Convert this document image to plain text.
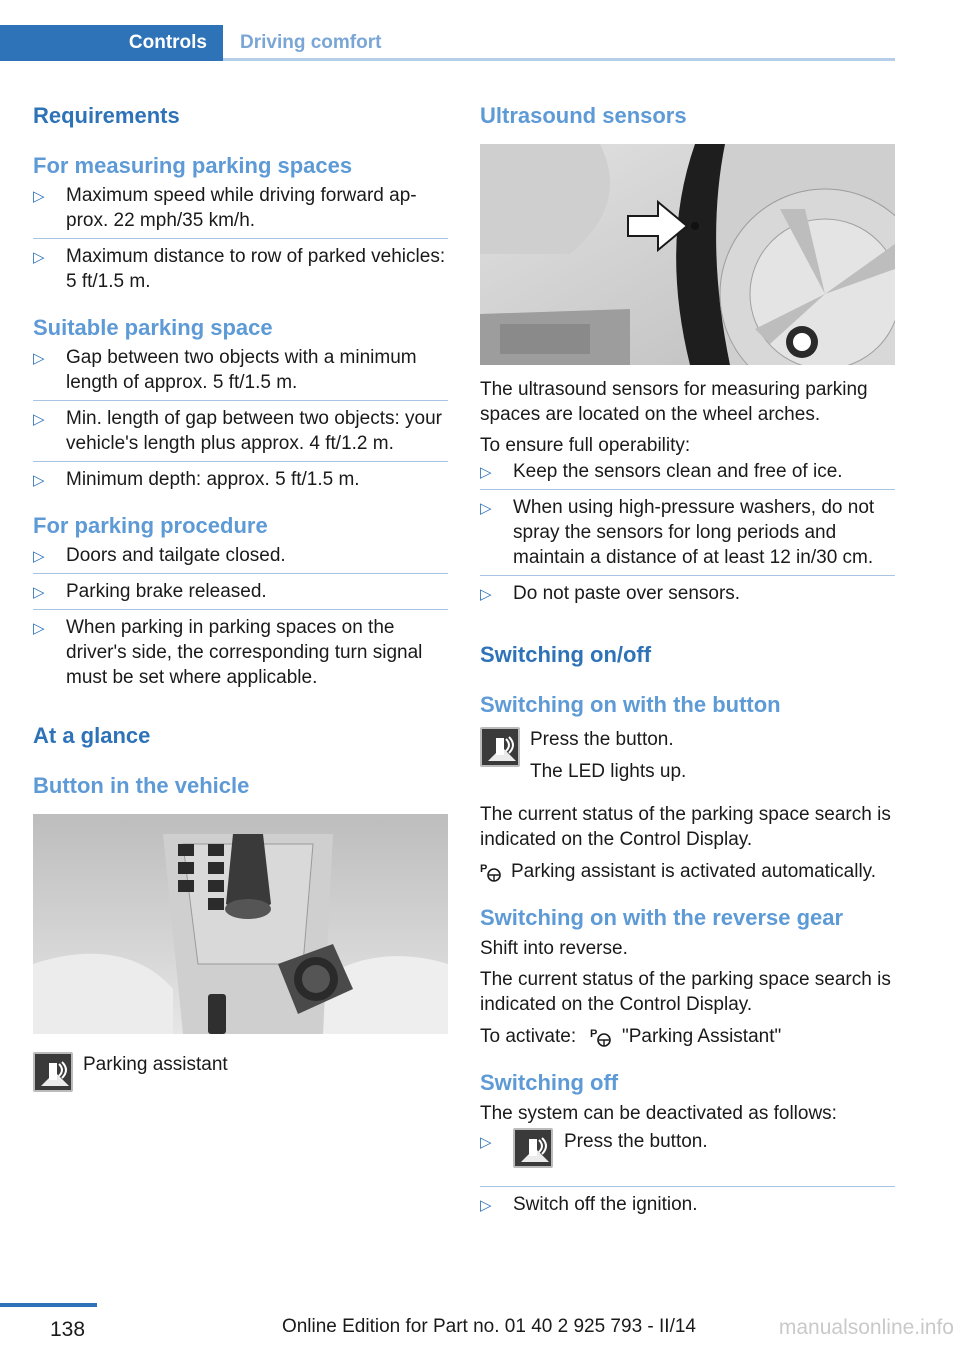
Controls	Driving comfort
Requirements
For measuring parking spaces
▷ Maximum speed while driving forward approx. 22 mph/35 km/h.
▷ Maximum distance to row of parked vehicles: 5 ft/1.5 m.
Suitable parking space
▷ Gap between two objects with a minimum length of approx. 5 ft/1.5 m.
▷ Min. length of gap between two objects: your vehicle's length plus approx. 4 ft/1.2 m.
▷ Minimum depth: approx. 5 ft/1.5 m.
For parking procedure
▷ Doors and tailgate closed.
▷ Parking brake released.
▷ When parking in parking spaces on the driver's side, the corresponding turn signal must be set where applicable.
At a glance
Button in the vehicle
Parking assistant
Ultrasound sensors

The ultrasound sensors for measuring parking spaces are located on the wheel arches.

To ensure full operability:

▷ Keep the sensors clean and free of ice.
▷ When using high-pressure washers, do not spray the sensors for long periods and maintain a distance of at least 12 in/30 cm.
▷ Do not paste over sensors.
Switching on/off
Switching on with the button
Press the button.
The LED lights up.

The current status of the parking space search is indicated on the Control Display.

P Parking assistant is activated automatically.
Switching on with the reverse gear

Shift into reverse.

The current status of the parking space search is indicated on the Control Display.

To activate: P "Parking Assistant"
Switching off

The system can be deactivated as follows:

▷	Press the button.
▷ Switch off the ignition.
138	Online Edition for Part no. 01 40 2 925 793 - II/14	manualsonline.info
